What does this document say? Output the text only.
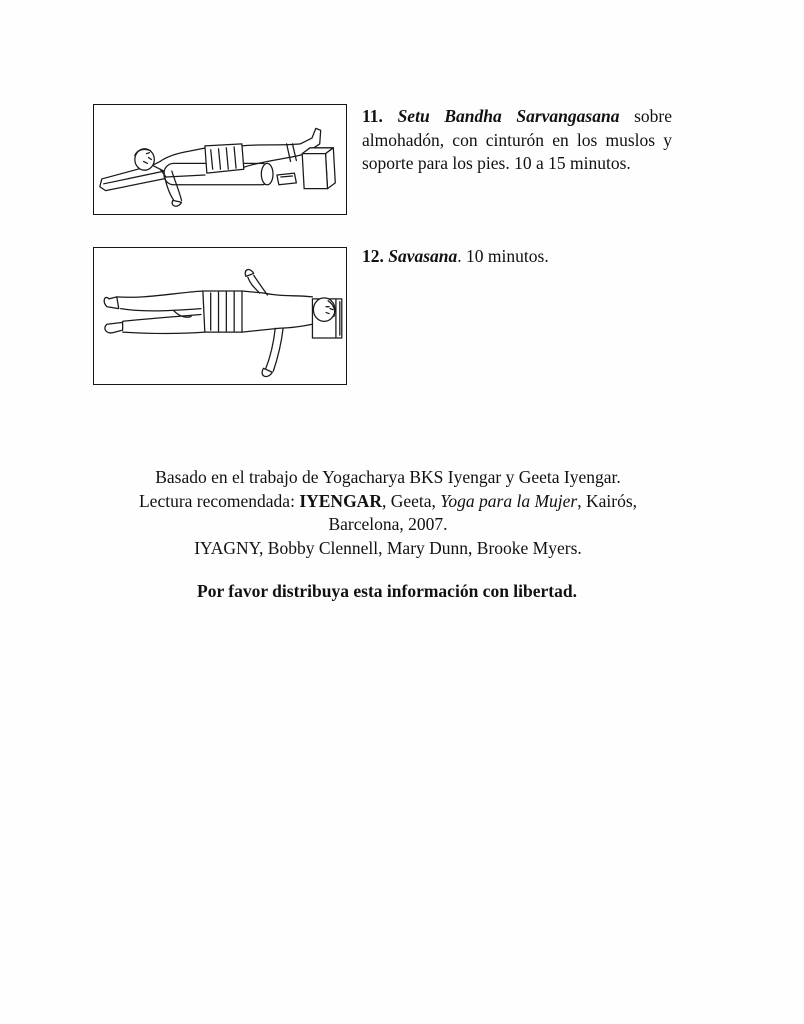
11. Setu Bandha Sarvangasana sobre almohadón, con cinturón en los muslos y soporte para los pies. 10 a 15 minutos.

12. Savasana. 10 minutos.

Basado en el trabajo de Yogacharya BKS Iyengar y Geeta Iyengar.

Lectura recomendada: IYENGAR, Geeta, Yoga para la Mujer, Kairós,
Barcelona, 2007.

IYAGNY, Bobby Clennell, Mary Dunn, Brooke Myers.

Por favor distribuya esta información con libertad.
